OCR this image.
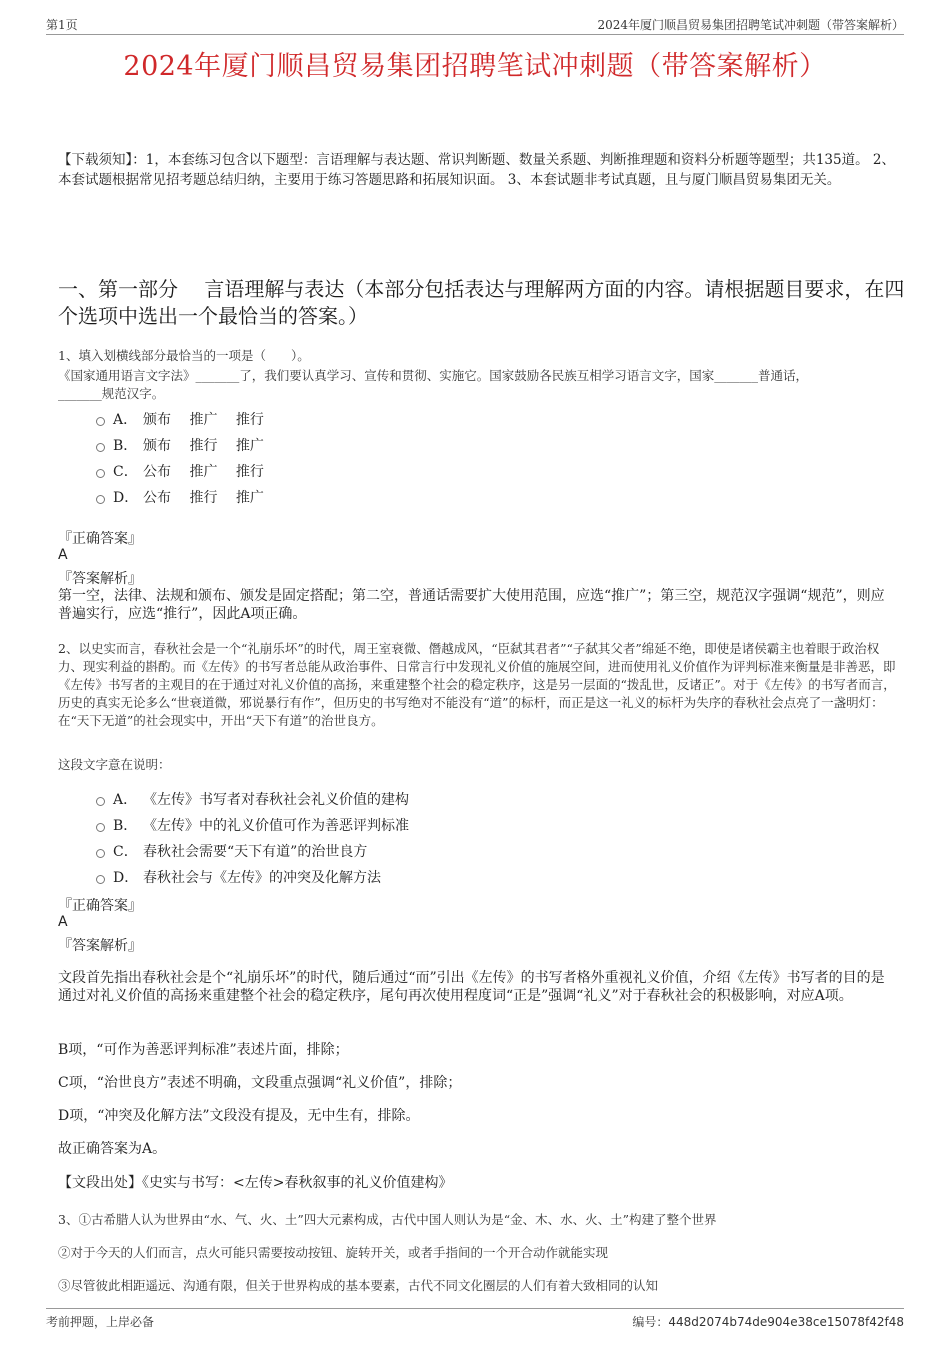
第1页	2024年厦门顺昌贸易集团招聘笔试冲刺题（带答案解析）
2024年厦门顺昌贸易集团招聘笔试冲刺题（带答案解析）
【下载须知】：1，本套练习包含以下题型：言语理解与表达题、常识判断题、数量关系题、判断推理题和资料分析题等题型；共135道。 2、本套试题根据常见招考题总结归纳，主要用于练习答题思路和拓展知识面。 3、本套试题非考试真题，且与厦门顺昌贸易集团无关。
一、第一部分　 言语理解与表达（本部分包括表达与理解两方面的内容。请根据题目要求，在四个选项中选出一个最恰当的答案。）
1、填入划横线部分最恰当的一项是（　　）。
《国家通用语言文字法》_______了，我们要认真学习、宣传和贯彻、实施它。国家鼓励各民族互相学习语言文字，国家_______普通话，_______规范汉字。
A． 颁布　 推广　 推行
B． 颁布　 推行　 推广
C． 公布　 推广　 推行
D． 公布　 推行　 推广
『正确答案』
A
『答案解析』
第一空，法律、法规和颁布、颁发是固定搭配；第二空，普通话需要扩大使用范围，应选“推广”；第三空，规范汉字强调“规范”，则应普遍实行，应选“推行”，因此A项正确。
2、以史实而言，春秋社会是一个“礼崩乐坏”的时代，周王室衰微、僭越成风，“臣弑其君者”“子弑其父者”绵延不绝，即使是诸侯霸主也着眼于政治权力、现实利益的斟酌。而《左传》的书写者总能从政治事件、日常言行中发现礼义价值的施展空间，进而使用礼义价值作为评判标准来衡量是非善恶，即《左传》书写者的主观目的在于通过对礼义价值的高扬，来重建整个社会的稳定秩序，这是另一层面的“拨乱世，反诸正”。对于《左传》的书写者而言，历史的真实无论多么“世衰道微，邪说暴行有作”，但历史的书写绝对不能没有“道”的标杆，而正是这一礼义的标杆为失序的春秋社会点亮了一盏明灯：在“天下无道”的社会现实中，开出“天下有道”的治世良方。
这段文字意在说明：
A． 《左传》书写者对春秋社会礼义价值的建构
B． 《左传》中的礼义价值可作为善恶评判标准
C． 春秋社会需要“天下有道”的治世良方
D． 春秋社会与《左传》的冲突及化解方法
『正确答案』
A
『答案解析』
文段首先指出春秋社会是个“礼崩乐坏”的时代，随后通过“而”引出《左传》的书写者格外重视礼义价值，介绍《左传》书写者的目的是通过对礼义价值的高扬来重建整个社会的稳定秩序，尾句再次使用程度词“正是”强调“礼义”对于春秋社会的积极影响，对应A项。
B项，“可作为善恶评判标准”表述片面，排除；
C项，“治世良方”表述不明确，文段重点强调“礼义价值”，排除；
D项，“冲突及化解方法”文段没有提及，无中生有，排除。
故正确答案为A。
【文段出处】《史实与书写：<左传>春秋叙事的礼义价值建构》
3、①古希腊人认为世界由“水、气、火、土”四大元素构成，古代中国人则认为是“金、木、水、火、土”构建了整个世界
②对于今天的人们而言，点火可能只需要按动按钮、旋转开关，或者手指间的一个开合动作就能实现
③尽管彼此相距遥远、沟通有限，但关于世界构成的基本要素，古代不同文化圈层的人们有着大致相同的认知
考前押题，上岸必备	编号：448d2074b74de904e38ce15078f42f48
